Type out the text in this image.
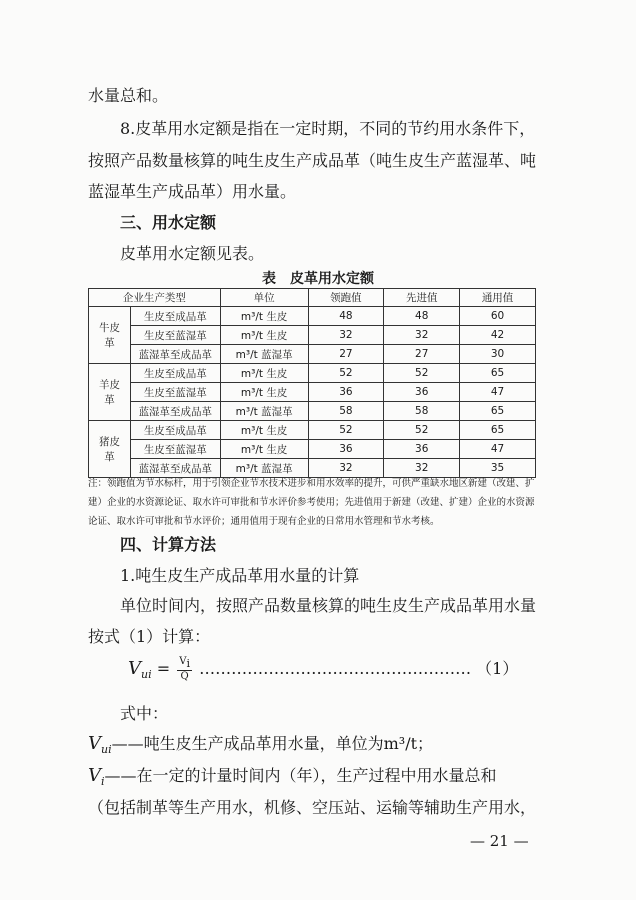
水量总和。
8.皮革用水定额是指在一定时期，不同的节约用水条件下，
按照产品数量核算的吨生皮生产成品革（吨生皮生产蓝湿革、吨
蓝湿革生产成品革）用水量。
三、用水定额
皮革用水定额见表。
表　皮革用水定额
企业生产类型		单位	领跑值	先进值	通用值
牛皮革	生皮至成品革	m³/t 生皮	48	48	60
	生皮至蓝湿革	m³/t 生皮	32	32	42
	蓝湿革至成品革	m³/t 蓝湿革	27	27	30
羊皮革	生皮至成品革	m³/t 生皮	52	52	65
	生皮至蓝湿革	m³/t 生皮	36	36	47
	蓝湿革至成品革	m³/t 蓝湿革	58	58	65
猪皮革	生皮至成品革	m³/t 生皮	52	52	65
	生皮至蓝湿革	m³/t 生皮	36	36	47
	蓝湿革至成品革	m³/t 蓝湿革	32	32	35
注：领跑值为节水标杆，用于引领企业节水技术进步和用水效率的提升，可供严重缺水地区新建（改建、扩建）企业的水资源论证、取水许可审批和节水评价参考使用；先进值用于新建（改建、扩建）企业的水资源论证、取水许可审批和节水评价；通用值用于现有企业的日常用水管理和节水考核。
四、计算方法
1.吨生皮生产成品革用水量的计算
单位时间内，按照产品数量核算的吨生皮生产成品革用水量
按式（1）计算：
$V_{ui} = \frac{V_i}{Q}$ …………………………………………… （1）
式中：
$V_{ui}——$吨生皮生产成品革用水量，单位为m³/t；
$V_i——$在一定的计量时间内（年），生产过程中用水量总和
（包括制革等生产用水，机修、空压站、运输等辅助生产用水，
— 21 —
